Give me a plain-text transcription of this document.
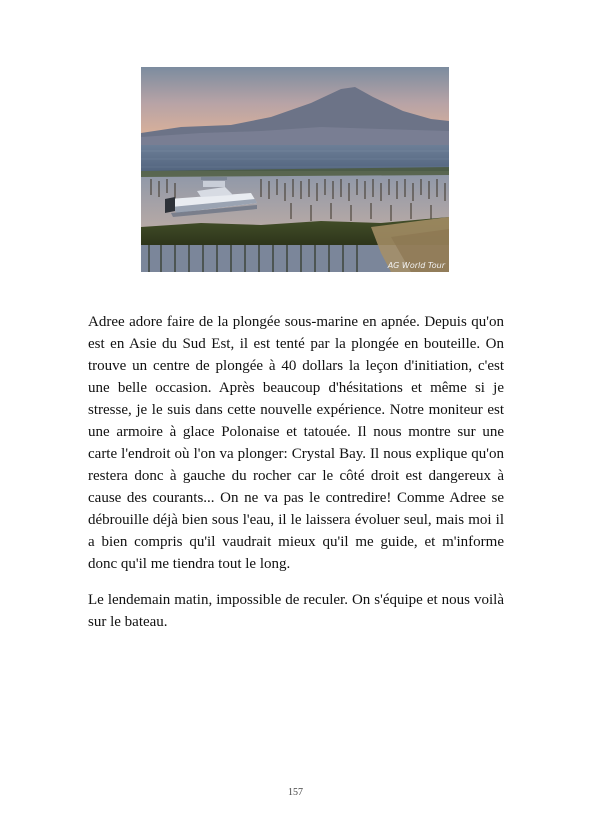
AG World Tour

Adree adore faire de la plongée sous-marine en apnée. Depuis qu'on est en Asie du Sud Est, il est tenté par la plongée en bouteille. On trouve un centre de plongée à 40 dollars la leçon d'initiation, c'est une belle occasion. Après beaucoup d'hésitations et même si je stresse, je le suis dans cette nouvelle expérience. Notre moniteur est une armoire à glace Polonaise et tatouée. Il nous montre sur une carte l'endroit où l'on va plonger: Crystal Bay. Il nous explique qu'on restera donc à gauche du rocher car le côté droit est dangereux à cause des courants... On ne va pas le contredire! Comme Adree se débrouille déjà bien sous l'eau, il le laissera évoluer seul, mais moi il a bien compris qu'il vaudrait mieux qu'il me guide, et m'informe donc qu'il me tiendra tout le long.

Le lendemain matin, impossible de reculer. On s'équipe et nous voilà sur le bateau.

157
